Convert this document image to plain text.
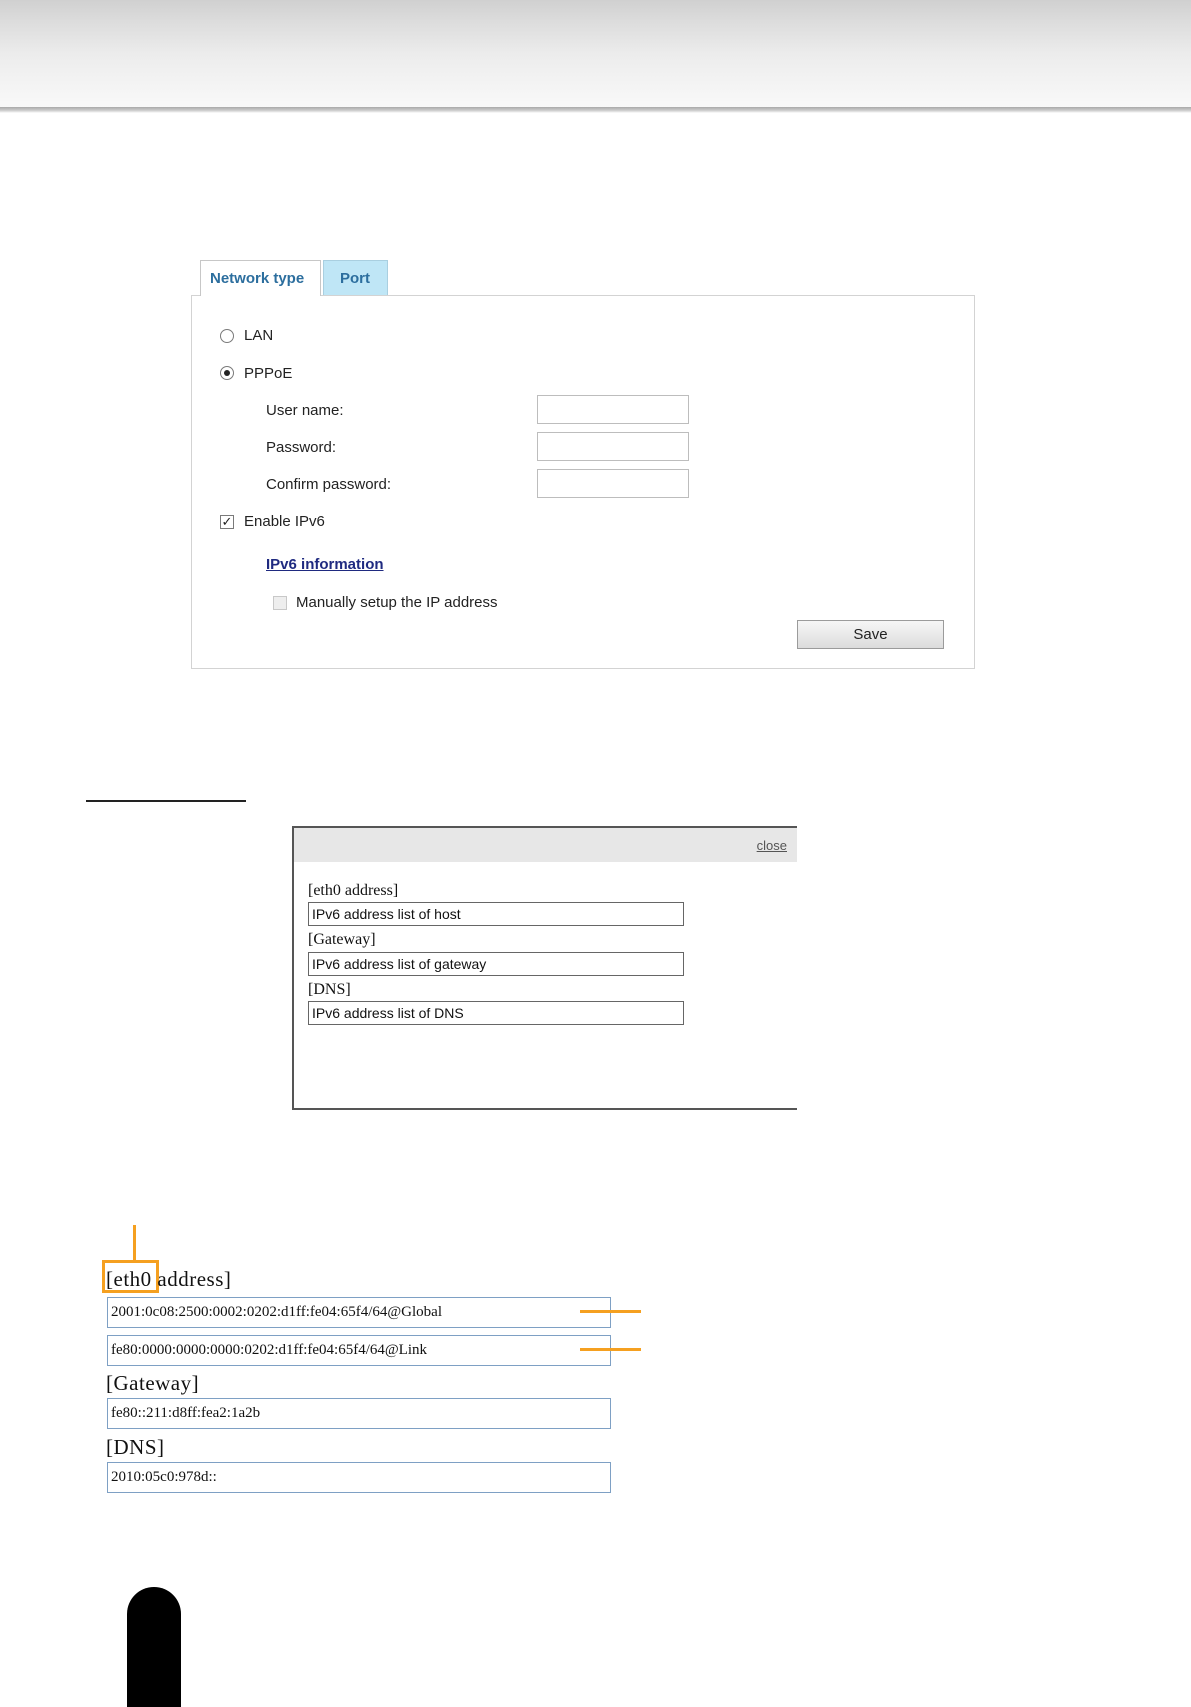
Port
Network type
LAN
PPPoE
User name:
Password:
Confirm password:
✓ Enable IPv6
IPv6 information
Manually setup the IP address
Save
close
[eth0 address]
IPv6 address list of host
[Gateway]
IPv6 address list of gateway
[DNS]
IPv6 address list of DNS
[eth0 address]
2001:0c08:2500:0002:0202:d1ff:fe04:65f4/64@Global
fe80:0000:0000:0000:0202:d1ff:fe04:65f4/64@Link
[Gateway]
fe80::211:d8ff:fea2:1a2b
[DNS]
2010:05c0:978d::
